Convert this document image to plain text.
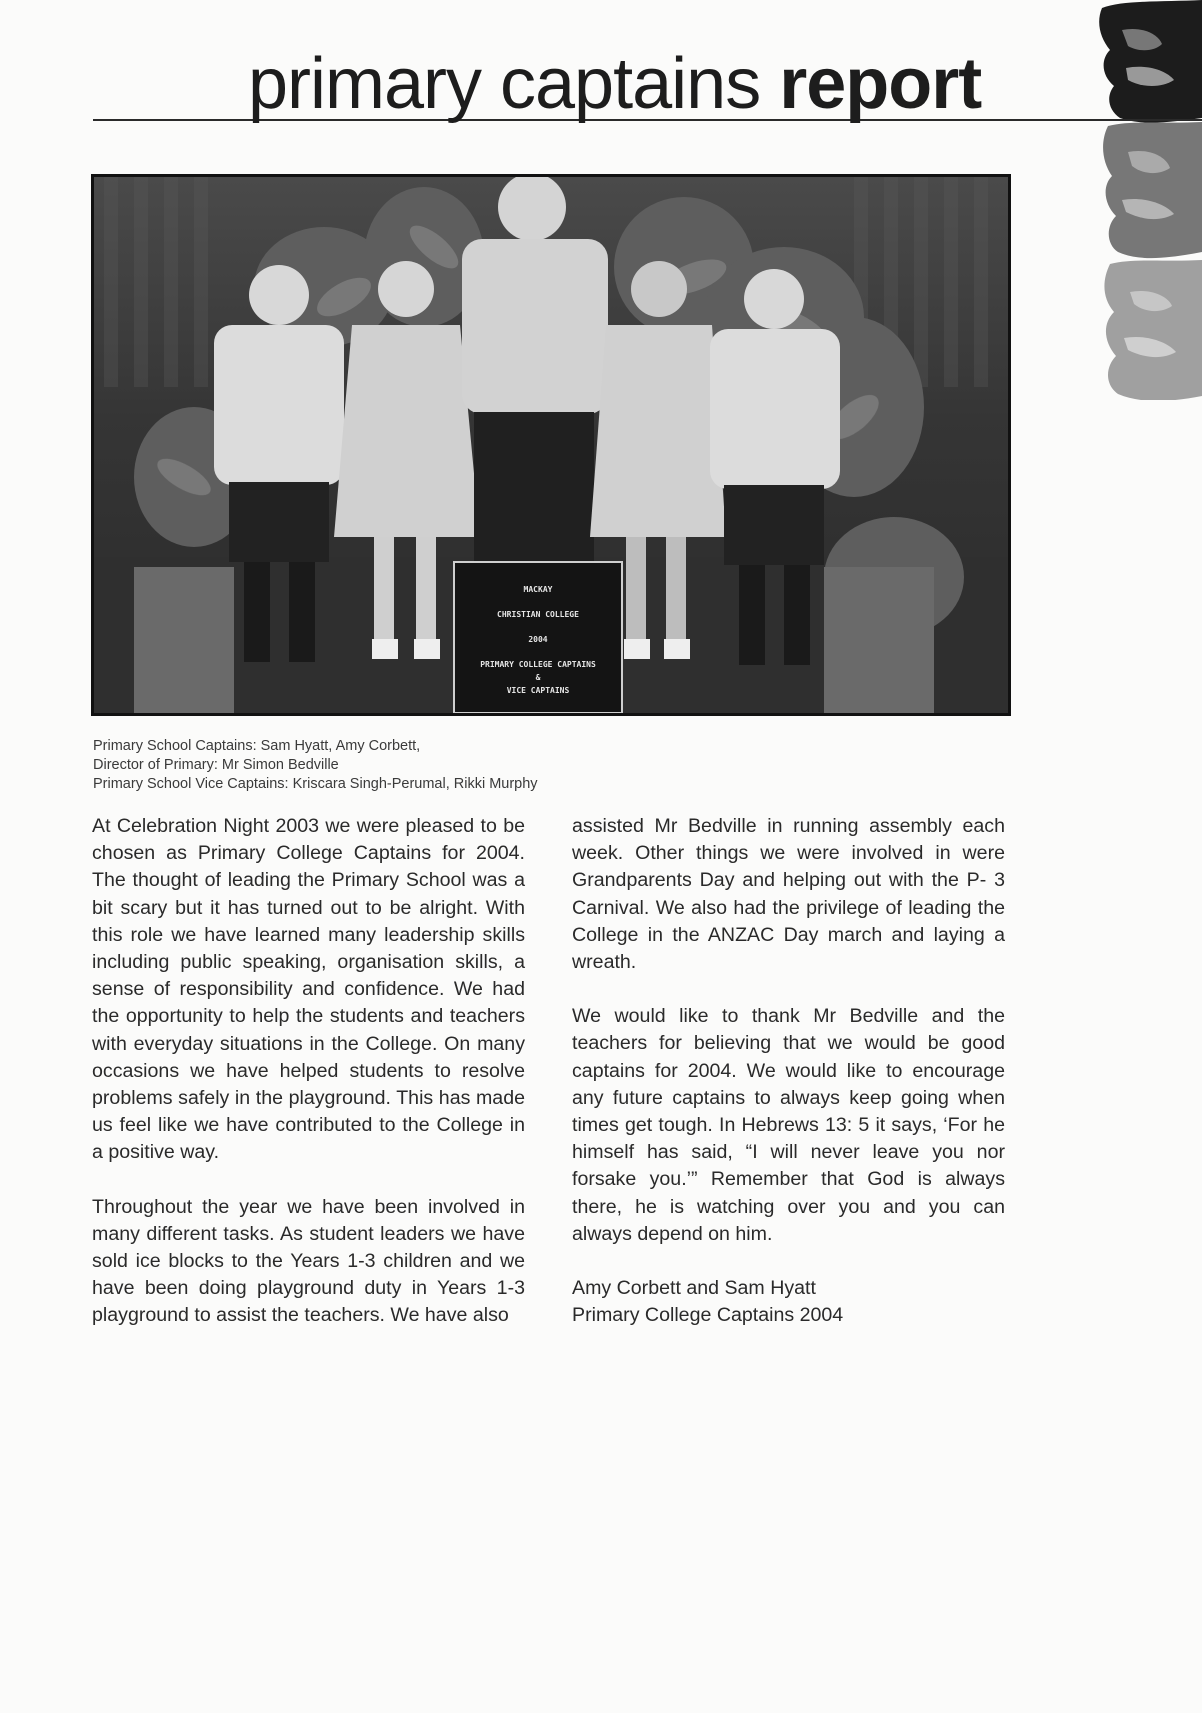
primary captains report
MACKAY
CHRISTIAN COLLEGE
2004
PRIMARY COLLEGE CAPTAINS
&
VICE CAPTAINS
Primary School Captains: Sam Hyatt, Amy Corbett,
Director of Primary: Mr Simon Bedville
Primary School Vice Captains: Kriscara Singh-Perumal, Rikki Murphy

At Celebration Night 2003 we were pleased to be chosen as Primary College Captains for 2004. The thought of leading the Primary School was a bit scary but it has turned out to be alright. With this role we have learned many leadership skills including public speaking, organisation skills, a sense of responsibility and confidence. We had the opportunity to help the students and teachers with everyday situations in the College. On many occasions we have helped students to resolve problems safely in the playground. This has made us feel like we have contributed to the College in a positive way.

Throughout the year we have been involved in many different tasks. As student leaders we have sold ice blocks to the Years 1-3 children and we have been doing playground duty in Years 1-3 playground to assist the teachers. We have also

assisted Mr Bedville in running assembly each week. Other things we were involved in were Grandparents Day and helping out with the P- 3 Carnival. We also had the privilege of leading the College in the ANZAC Day march and laying a wreath.

We would like to thank Mr Bedville and the teachers for believing that we would be good captains for 2004. We would like to encourage any future captains to always keep going when times get tough. In Hebrews 13: 5 it says, ‘For he himself has said, “I will never leave you nor forsake you.’” Remember that God is always there, he is watching over you and you can always depend on him.

Amy Corbett and Sam Hyatt
Primary College Captains 2004
